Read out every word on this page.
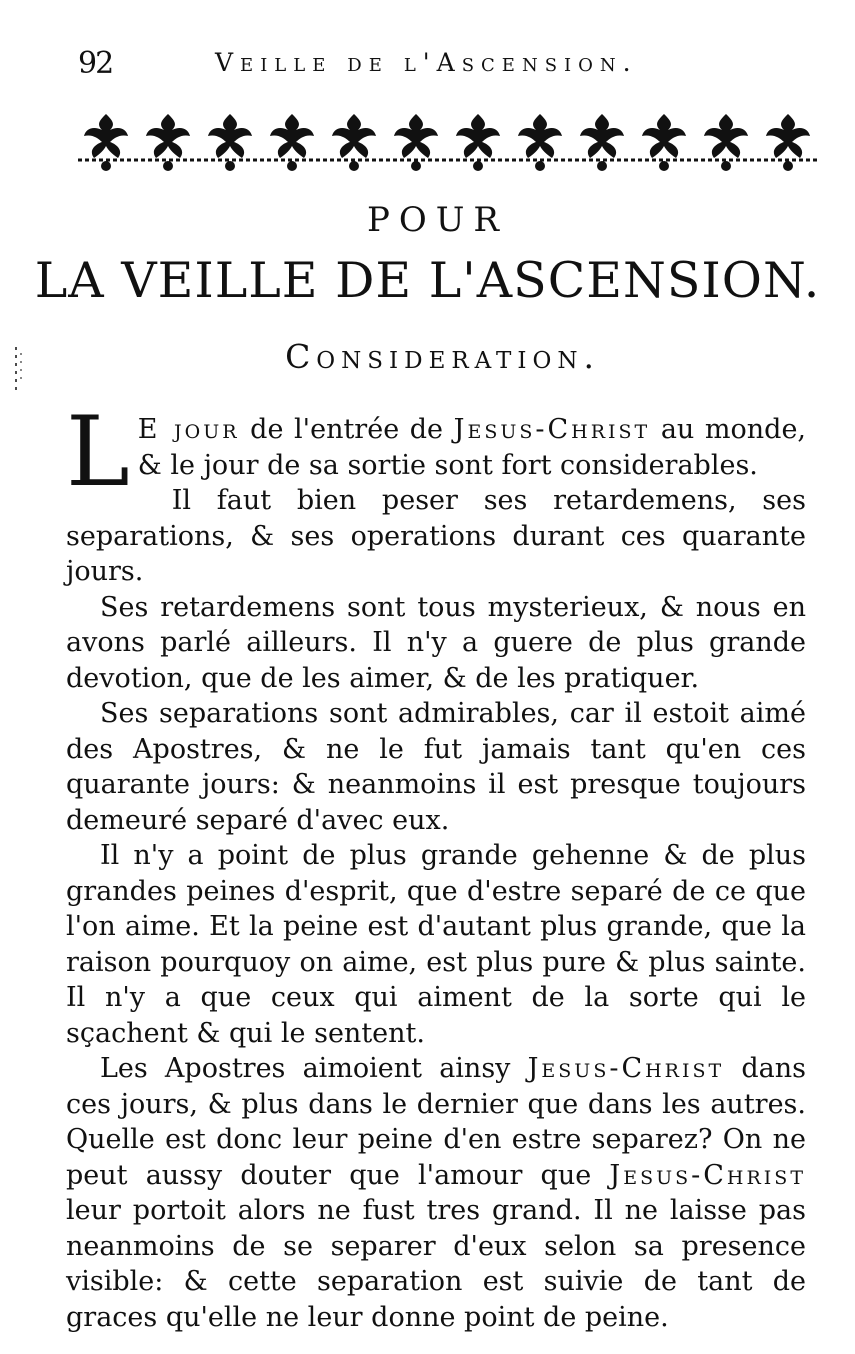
92	Veille de l'Ascension.
POUR
LA VEILLE DE L'ASCENSION.
Consideration.

L E jour de l'entrée de Jesus-Christ au monde, & le jour de sa sortie sont fort considerables.

Il faut bien peser ses retardemens, ses separations, & ses operations durant ces quarante jours.

Ses retardemens sont tous mysterieux, & nous en avons parlé ailleurs. Il n'y a guere de plus grande devotion, que de les aimer, & de les pratiquer.

Ses separations sont admirables, car il estoit aimé des Apostres, & ne le fut jamais tant qu'en ces quarante jours: & neanmoins il est presque toujours demeuré separé d'avec eux.

Il n'y a point de plus grande gehenne & de plus grandes peines d'esprit, que d'estre separé de ce que l'on aime. Et la peine est d'autant plus grande, que la raison pourquoy on aime, est plus pure & plus sainte. Il n'y a que ceux qui aiment de la sorte qui le sçachent & qui le sentent.

Les Apostres aimoient ainsy Jesus-Christ dans ces jours, & plus dans le dernier que dans les autres. Quelle est donc leur peine d'en estre separez? On ne peut aussy douter que l'amour que Jesus-Christ leur portoit alors ne fust tres grand. Il ne laisse pas neanmoins de se separer d'eux selon sa presence visible: & cette separation est suivie de tant de graces qu'elle ne leur donne point de peine.
